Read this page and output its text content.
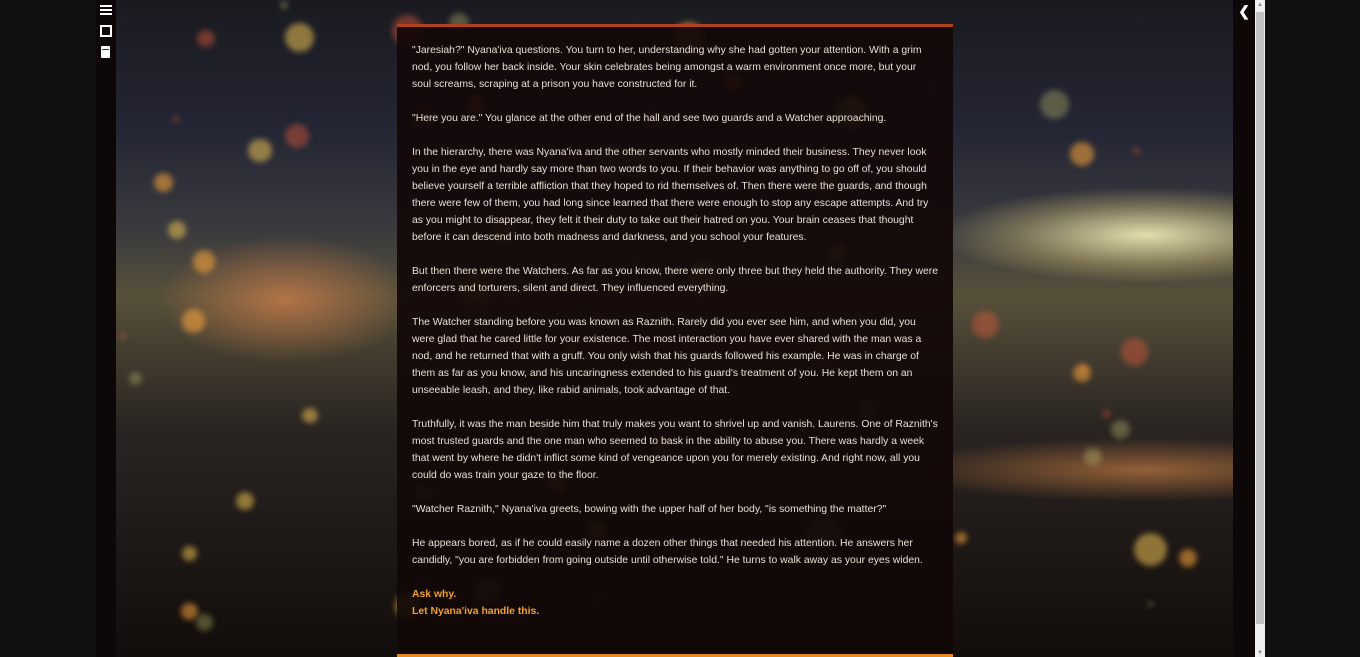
❮

"Jaresiah?" Nyana'iva questions. You turn to her, understanding why she had gotten your attention. With a grim nod, you follow her back inside. Your skin celebrates being amongst a warm environment once more, but your soul screams, scraping at a prison you have constructed for it.

"Here you are." You glance at the other end of the hall and see two guards and a Watcher approaching.

In the hierarchy, there was Nyana'iva and the other servants who mostly minded their business. They never look you in the eye and hardly say more than two words to you. If their behavior was anything to go off of, you should believe yourself a terrible affliction that they hoped to rid themselves of. Then there were the guards, and though there were few of them, you had long since learned that there were enough to stop any escape attempts. And try as you might to disappear, they felt it their duty to take out their hatred on you. Your brain ceases that thought before it can descend into both madness and darkness, and you school your features.

But then there were the Watchers. As far as you know, there were only three but they held the authority. They were enforcers and torturers, silent and direct. They influenced everything.

The Watcher standing before you was known as Raznith. Rarely did you ever see him, and when you did, you were glad that he cared little for your existence. The most interaction you have ever shared with the man was a nod, and he returned that with a gruff. You only wish that his guards followed his example. He was in charge of them as far as you know, and his uncaringness extended to his guard's treatment of you. He kept them on an unseeable leash, and they, like rabid animals, took advantage of that.

Truthfully, it was the man beside him that truly makes you want to shrivel up and vanish. Laurens. One of Raznith's most trusted guards and the one man who seemed to bask in the ability to abuse you. There was hardly a week that went by where he didn't inflict some kind of vengeance upon you for merely existing. And right now, all you could do was train your gaze to the floor.

"Watcher Raznith," Nyana'iva greets, bowing with the upper half of her body, "is something the matter?"

He appears bored, as if he could easily name a dozen other things that needed his attention. He answers her candidly, "you are forbidden from going outside until otherwise told." He turns to walk away as your eyes widen.

Ask why.
Let Nyana'iva handle this.
▲
▼
